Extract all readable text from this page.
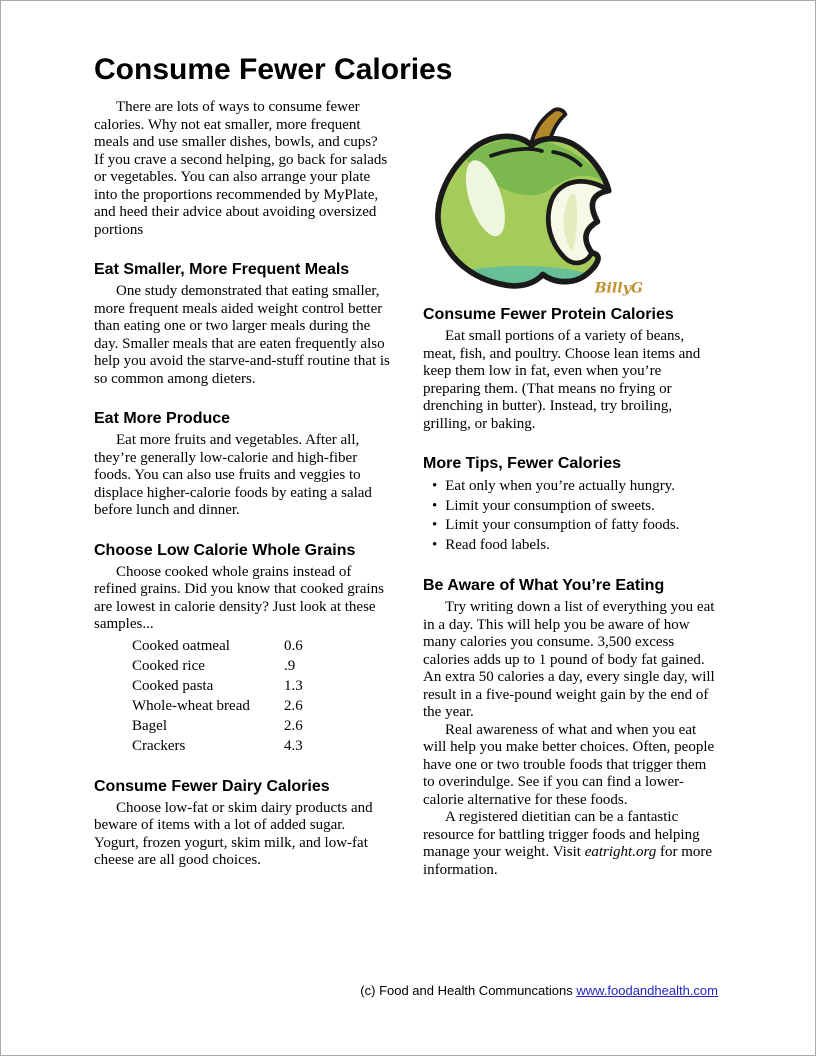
Consume Fewer Calories

There are lots of ways to consume fewer calories. Why not eat smaller, more frequent meals and use smaller dishes, bowls, and cups? If you crave a second helping, go back for salads or vegetables. You can also arrange your plate into the proportions recommended by MyPlate, and heed their advice about avoiding oversized portions

Eat Smaller, More Frequent Meals

One study demonstrated that eating smaller, more frequent meals aided weight control better than eating one or two larger meals during the day. Smaller meals that are eaten frequently also help you avoid the starve-and-stuff routine that is so common among dieters.

Eat More Produce

Eat more fruits and vegetables. After all, they’re generally low-calorie and high-fiber foods. You can also use fruits and veggies to displace higher-calorie foods by eating a salad before lunch and dinner.

Choose Low Calorie Whole Grains

Choose cooked whole grains instead of refined grains. Did you know that cooked grains are lowest in calorie density? Just look at these samples...

Cooked oatmeal	0.6
Cooked rice	.9
Cooked pasta	1.3
Whole-wheat bread	2.6
Bagel	2.6
Crackers	4.3
Consume Fewer Dairy Calories

Choose low-fat or skim dairy products and beware of items with a lot of added sugar. Yogurt, frozen yogurt, skim milk, and low-fat cheese are all good choices.

BillyG
Consume Fewer Protein Calories

Eat small portions of a variety of beans, meat, fish, and poultry. Choose lean items and keep them low in fat, even when you’re preparing them. (That means no frying or drenching in butter). Instead, try broiling, grilling, or baking.

More Tips, Fewer Calories
• Eat only when you’re actually hungry.
• Limit your consumption of sweets.
• Limit your consumption of fatty foods.
• Read food labels.
Be Aware of What You’re Eating

Try writing down a list of everything you eat in a day. This will help you be aware of how many calories you consume. 3,500 excess calories adds up to 1 pound of body fat gained. An extra 50 calories a day, every single day, will result in a five-pound weight gain by the end of the year.

Real awareness of what and when you eat will help you make better choices. Often, people have one or two trouble foods that trigger them to overindulge. See if you can find a lower-calorie alternative for these foods.

A registered dietitian can be a fantastic resource for battling trigger foods and helping manage your weight. Visit eatright.org for more information.

(c) Food and Health Communcations www.foodandhealth.com
